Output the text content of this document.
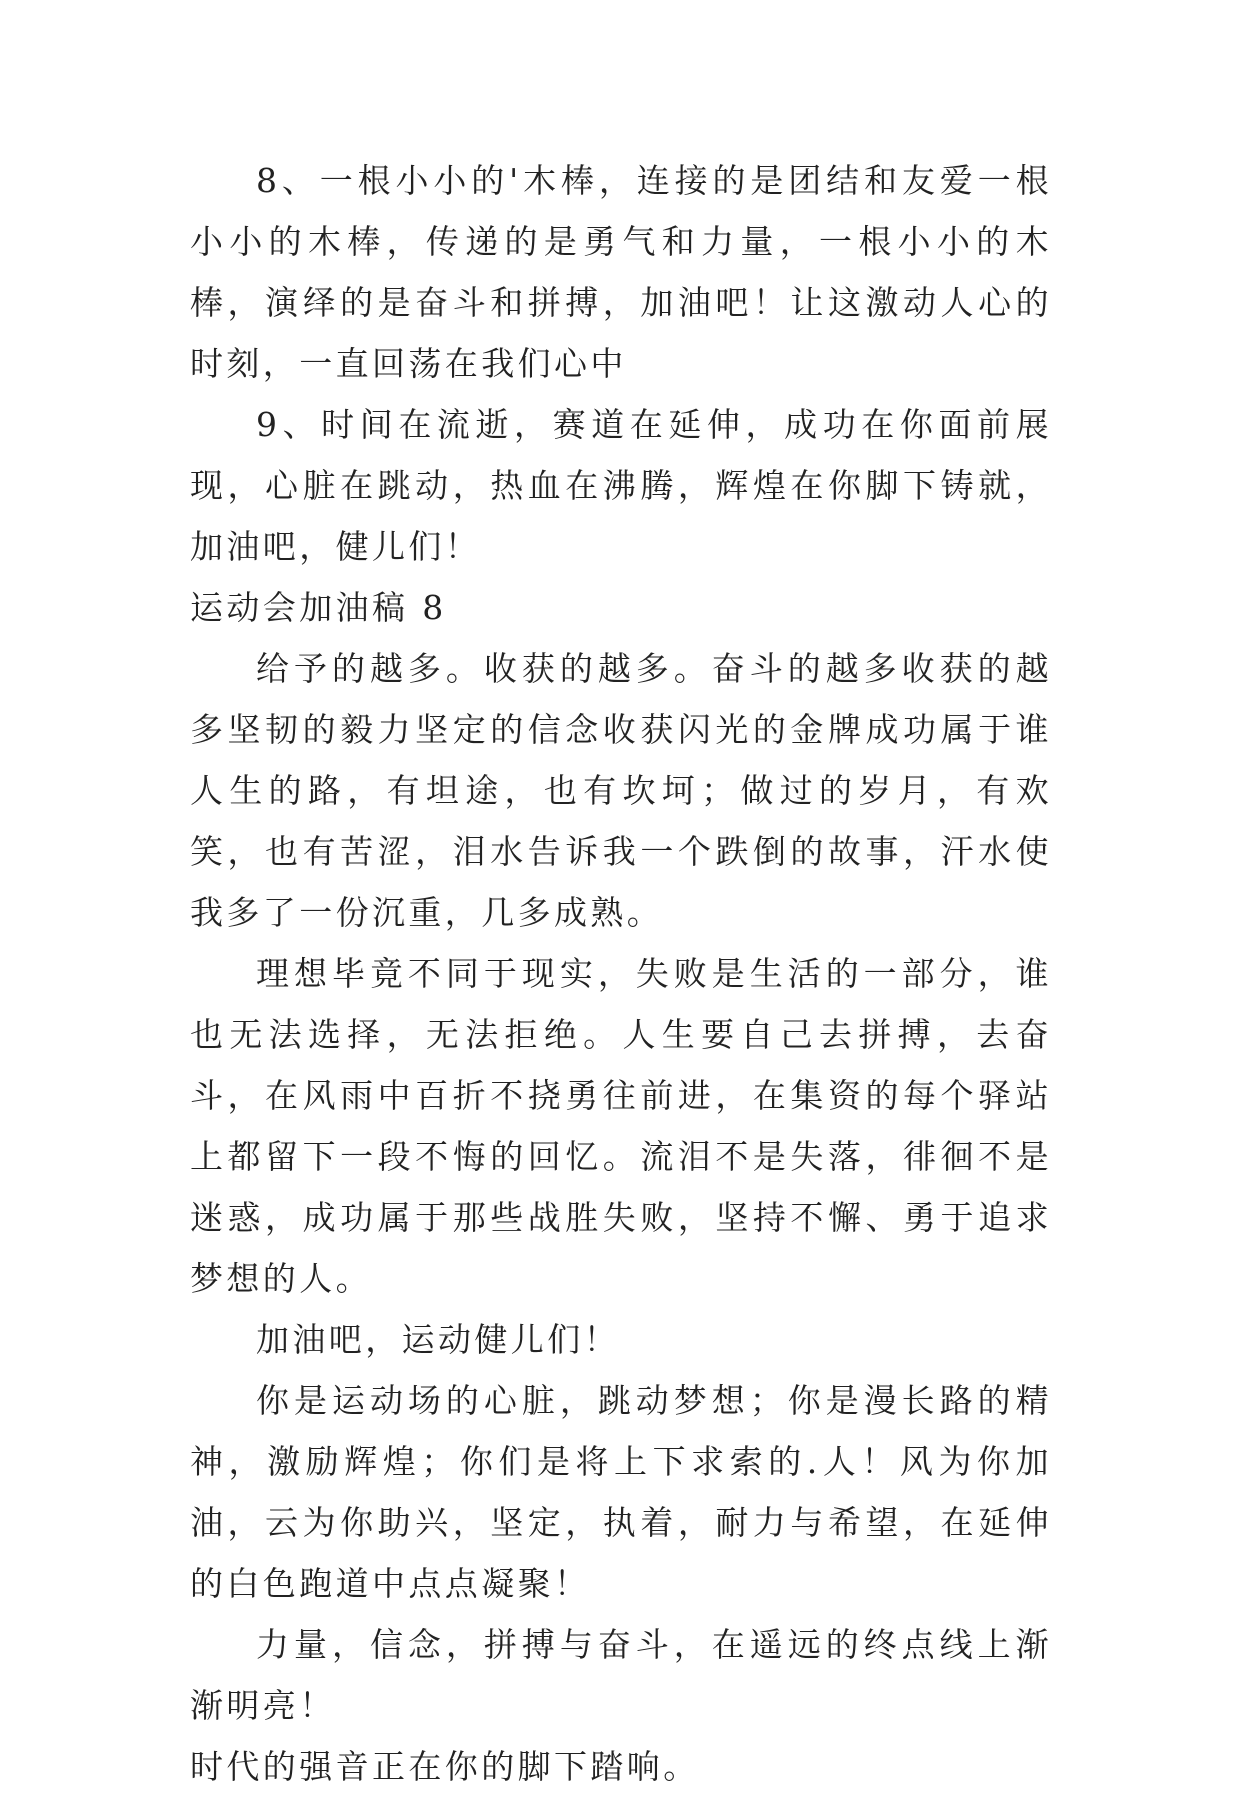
8、一根小小的'木棒，连接的是团结和友爱一根小小的木棒，传递的是勇气和力量，一根小小的木棒，演绎的是奋斗和拼搏，加油吧！让这激动人心的时刻，一直回荡在我们心中

9、时间在流逝，赛道在延伸，成功在你面前展现，心脏在跳动，热血在沸腾，辉煌在你脚下铸就，加油吧，健儿们！

运动会加油稿 8

给予的越多。收获的越多。奋斗的越多收获的越多坚韧的毅力坚定的信念收获闪光的金牌成功属于谁人生的路，有坦途，也有坎坷；做过的岁月，有欢笑，也有苦涩，泪水告诉我一个跌倒的故事，汗水使我多了一份沉重，几多成熟。

理想毕竟不同于现实，失败是生活的一部分，谁也无法选择，无法拒绝。人生要自己去拼搏，去奋斗，在风雨中百折不挠勇往前进，在集资的每个驿站上都留下一段不悔的回忆。流泪不是失落，徘徊不是迷惑，成功属于那些战胜失败，坚持不懈、勇于追求梦想的人。

加油吧，运动健儿们！

你是运动场的心脏，跳动梦想；你是漫长路的精神，激励辉煌；你们是将上下求索的.人！风为你加油，云为你助兴，坚定，执着，耐力与希望，在延伸的白色跑道中点点凝聚！

力量，信念，拼搏与奋斗，在遥远的终点线上渐渐明亮！

时代的强音正在你的脚下踏响。
